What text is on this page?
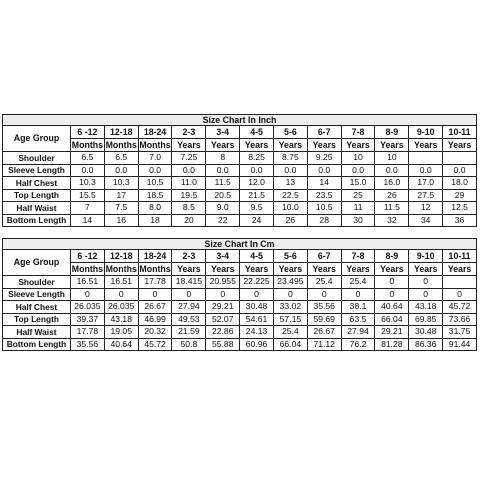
Size Chart In Inch												
Age Group	6 -12	12-18	18-24	2-3	3-4	4-5	5-6	6-7	7-8	8-9	9-10	10-11
	Months	Months	Months	Years	Years	Years	Years	Years	Years	Years	Years	Years
Shoulder	6.5	6.5	7.0	7.25	8	8.25	8.75	9.25	10	10		
Sleeve Length	0.0	0.0	0.0	0.0	0.0	0.0	0.0	0.0	0.0	0.0	0.0	0.0
Half Chest	10.3	10.3	10.5	11.0	11.5	12.0	13	14	15.0	16.0	17.0	18.0
Top Length	15.5	17	18.5	19.5	20.5	21.5	22.5	23.5	25	26	27.5	29
Half Waist	7	7.5	8.0	8.5	9.0	9.5	10.0	10.5	11	11.5	12	12.5
Bottom Length	14	16	18	20	22	24	26	28	30	32	34	36
Size Chart In Cm												
Age Group	6 -12	12-18	18-24	2-3	3-4	4-5	5-6	6-7	7-8	8-9	9-10	10-11
	Months	Months	Months	Years	Years	Years	Years	Years	Years	Years	Years	Years
Shoulder	16.51	16.51	17.78	18.415	20.955	22.225	23.495	25.4	25.4	0	0	
Sleeve Length	0	0	0	0	0	0	0	0	0	0	0	0
Half Chest	26.035	26.035	26.67	27.94	29.21	30.48	33.02	35.56	38.1	40.64	43.18	45.72
Top Length	39.37	43.18	46.99	49.53	52.07	54.61	57.15	59.69	63.5	66.04	69.85	73.66
Half Waist	17.78	19.05	20.32	21.59	22.86	24.13	25.4	26.67	27.94	29.21	30.48	31.75
Bottom Length	35.56	40.64	45.72	50.8	55.88	60.96	66.04	71.12	76.2	81.28	86.36	91.44
